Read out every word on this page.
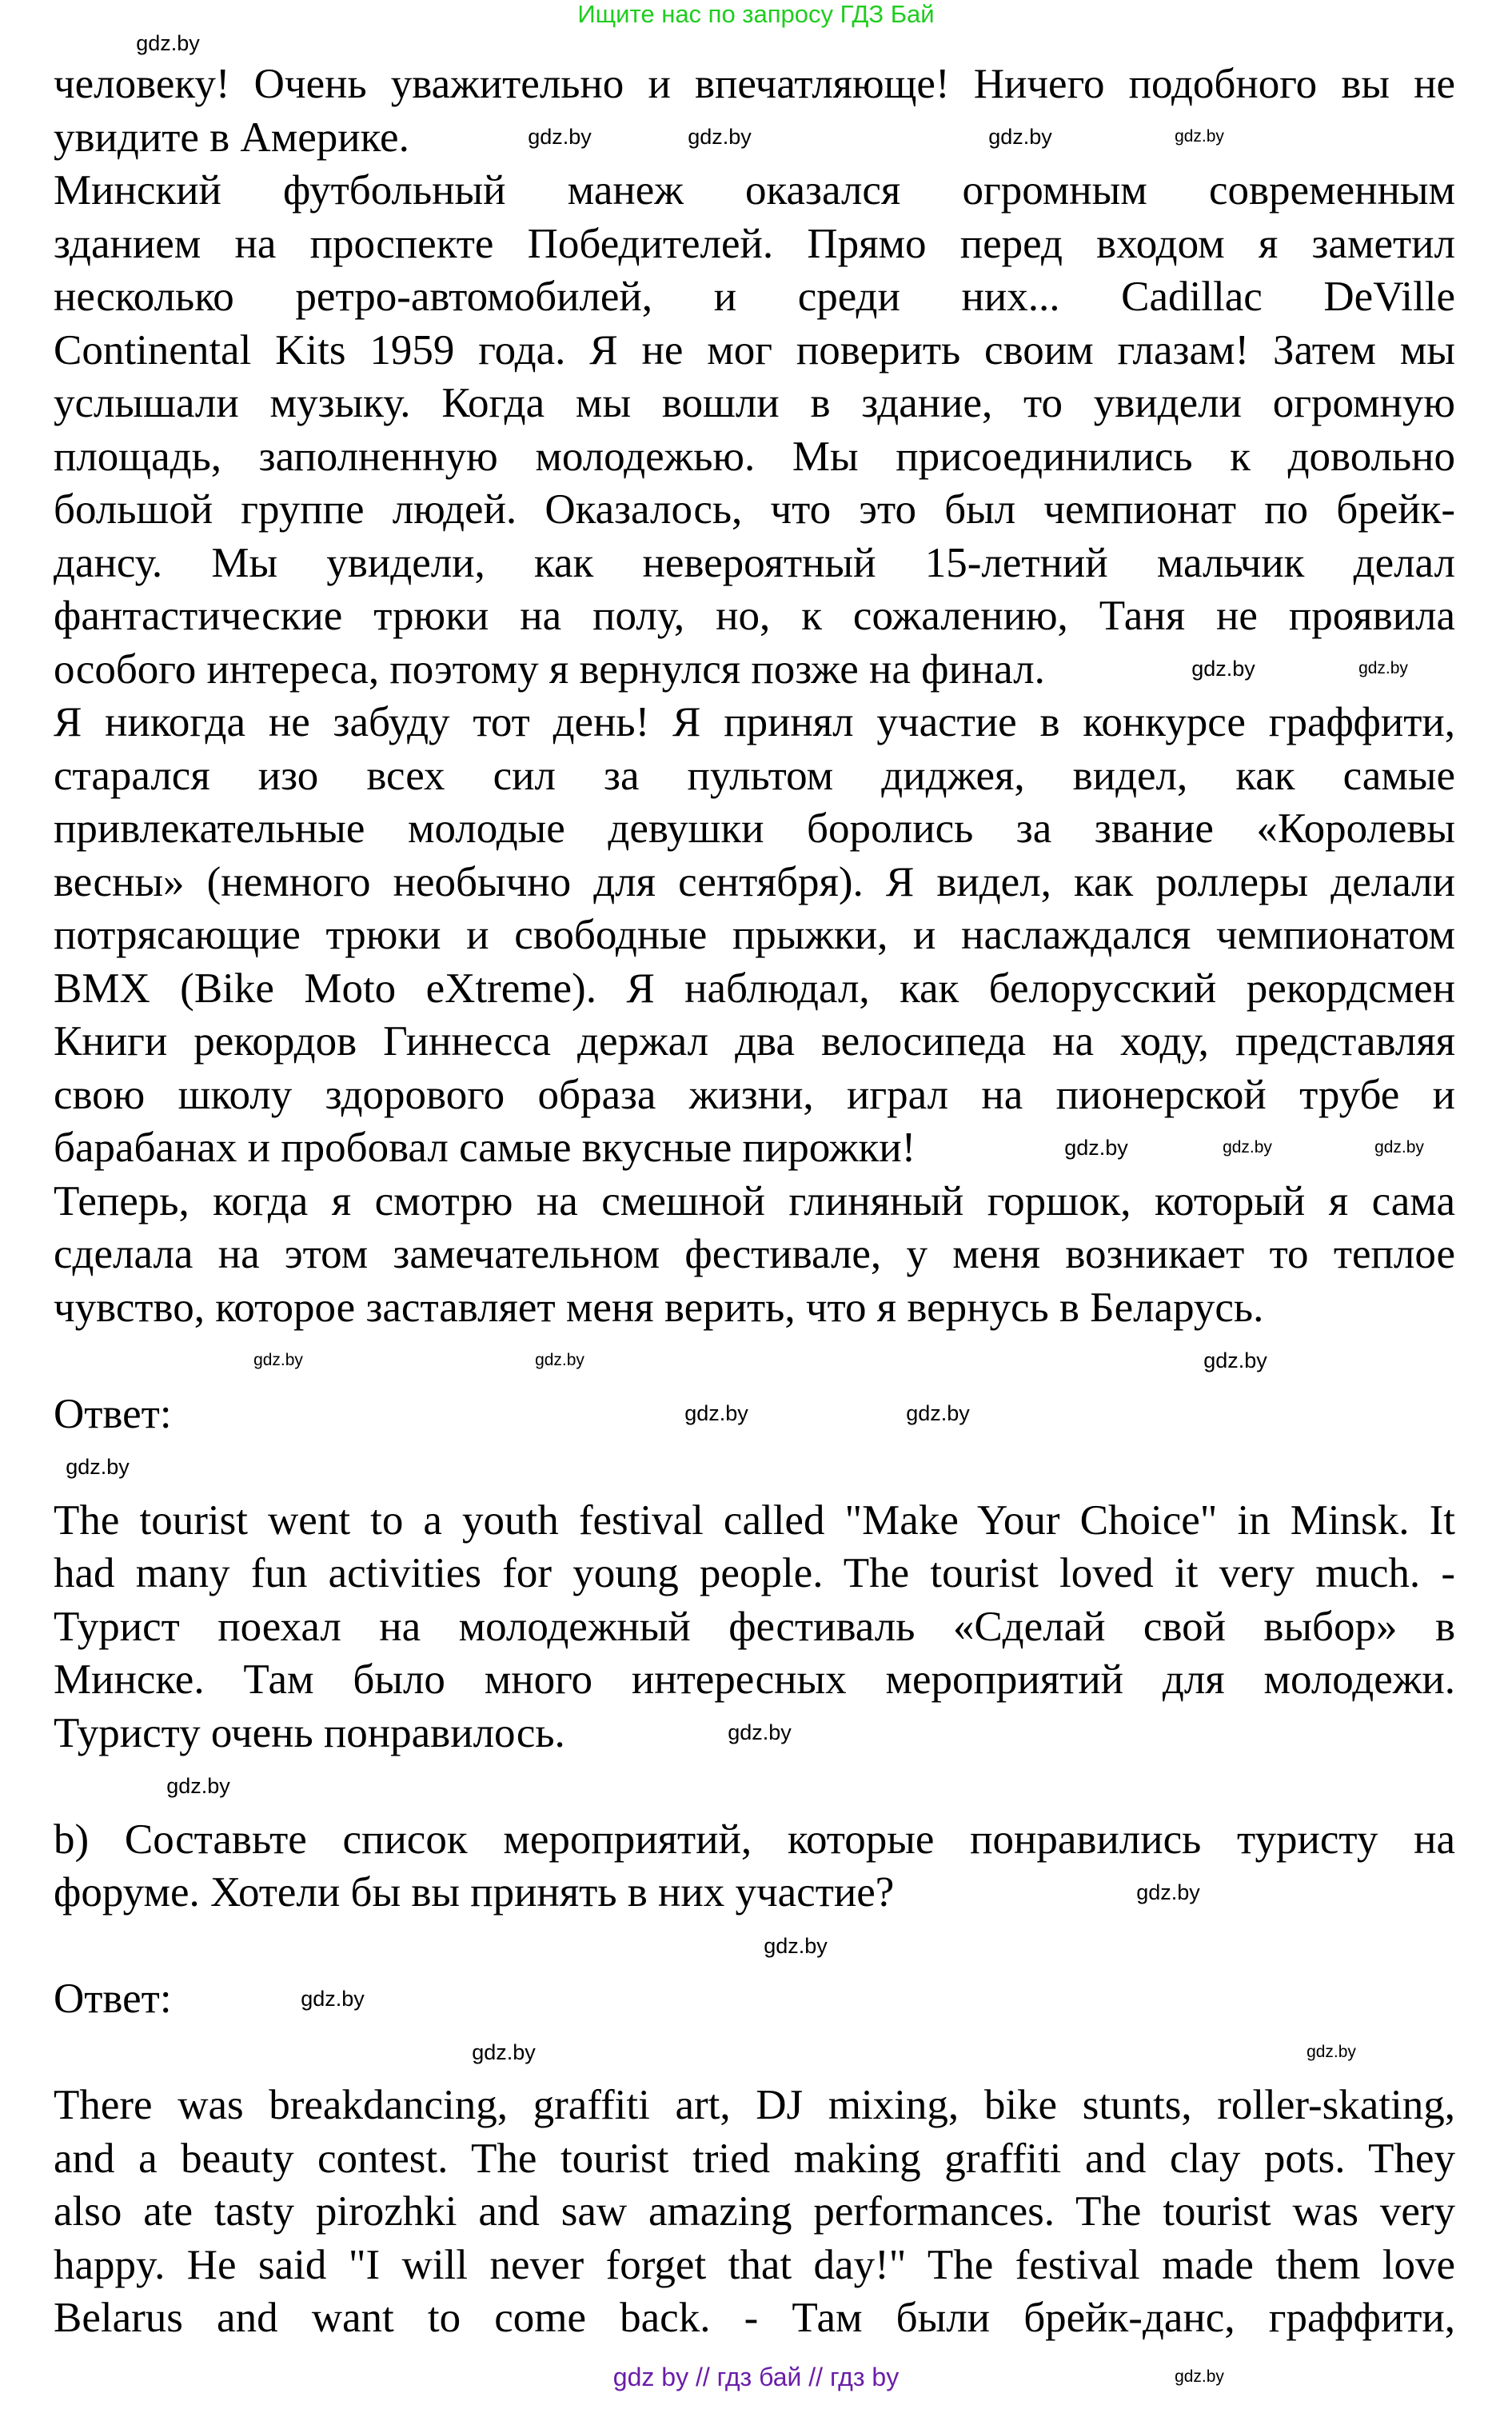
Ищите нас по запросу ГДЗ Бай
человеку! Очень уважительно и впечатляюще! Ничего подобного вы не
увидите в Америке.
Минский футбольный манеж оказался огромным современным
зданием на проспекте Победителей. Прямо перед входом я заметил
несколько ретро-автомобилей, и среди них... Cadillac DeVille
Continental Kits 1959 года. Я не мог поверить своим глазам! Затем мы
услышали музыку. Когда мы вошли в здание, то увидели огромную
площадь, заполненную молодежью. Мы присоединились к довольно
большой группе людей. Оказалось, что это был чемпионат по брейк-
дансу. Мы увидели, как невероятный 15-летний мальчик делал
фантастические трюки на полу, но, к сожалению, Таня не проявила
особого интереса, поэтому я вернулся позже на финал.
Я никогда не забуду тот день! Я принял участие в конкурсе граффити,
старался изо всех сил за пультом диджея, видел, как самые
привлекательные молодые девушки боролись за звание «Королевы
весны» (немного необычно для сентября). Я видел, как роллеры делали
потрясающие трюки и свободные прыжки, и наслаждался чемпионатом
BMX (Bike Moto eXtreme). Я наблюдал, как белорусский рекордсмен
Книги рекордов Гиннесса держал два велосипеда на ходу, представляя
свою школу здорового образа жизни, играл на пионерской трубе и
барабанах и пробовал самые вкусные пирожки!
Теперь, когда я смотрю на смешной глиняный горшок, который я сама
сделала на этом замечательном фестивале, у меня возникает то теплое
чувство, которое заставляет меня верить, что я вернусь в Беларусь.
Ответ:
The tourist went to a youth festival called "Make Your Choice" in Minsk. It
had many fun activities for young people. The tourist loved it very much. -
Турист поехал на молодежный фестиваль «Сделай свой выбор» в
Минске. Там было много интересных мероприятий для молодежи.
Туристу очень понравилось.
b) Составьте список мероприятий, которые понравились туристу на
форуме. Хотели бы вы принять в них участие?
Ответ:
There was breakdancing, graffiti art, DJ mixing, bike stunts, roller-skating,
and a beauty contest. The tourist tried making graffiti and clay pots. They
also ate tasty pirozhki and saw amazing performances. The tourist was very
happy. He said "I will never forget that day!" The festival made them love
Belarus and want to come back. - Там были брейк-данс, граффити,
gdz.by
gdz.by	gdz.by	gdz.by	gdz.by
gdz.by	gdz.by
gdz.by	gdz.by	gdz.by
gdz.by	gdz.by	gdz.by
gdz.by	gdz.by
gdz.by
gdz.by
gdz.by
gdz.by
gdz.by
gdz.by
gdz.by	gdz.by
gdz.by
gdz by // гдз бай // гдз by
